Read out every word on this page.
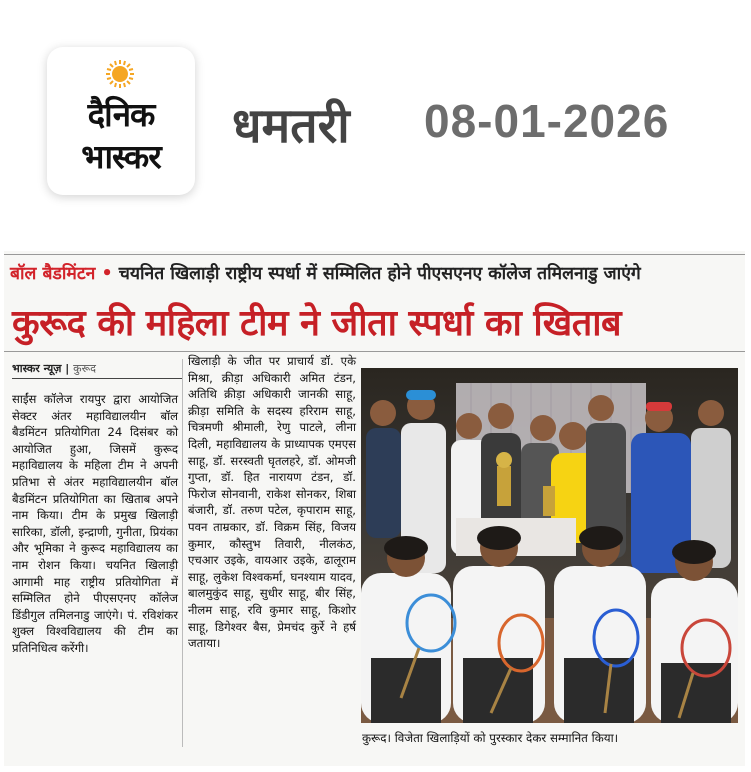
दैनिक
भास्कर
धमतरी 08-01-2026
बॉल बैडमिंटन • चयनित खिलाड़ी राष्ट्रीय स्पर्धा में सम्मिलित होने पीएसएनए कॉलेज तमिलनाडु जाएंगे
कुरूद की महिला टीम ने जीता स्पर्धा का खिताब
भास्कर न्यूज़ | कुरूद
साईंस कॉलेज रायपुर द्वारा आयोजित सेक्टर अंतर महाविद्यालयीन बॉल बैडमिंटन प्रतियोगिता 24 दिसंबर को आयोजित हुआ, जिसमें कुरूद महाविद्यालय के महिला टीम ने अपनी प्रतिभा से अंतर महाविद्यालयीन बॉल बैडमिंटन प्रतियोगिता का खिताब अपने नाम किया। टीम के प्रमुख खिलाड़ी सारिका, डॉली, इन्द्राणी, गुनीता, प्रियंका और भूमिका ने कुरूद महाविद्यालय का नाम रोशन किया। चयनित खिलाड़ी आगामी माह राष्ट्रीय प्रतियोगिता में सम्मिलित होने पीएसएनए कॉलेज डिंडीगुल तमिलनाडु जाएंगे। पं. रविशंकर शुक्ल विश्वविद्यालय की टीम का प्रतिनिधित्व करेंगी।
खिलाड़ी के जीत पर प्राचार्य डॉ. एके मिश्रा, क्रीड़ा अधिकारी अमित टंडन, अतिथि क्रीड़ा अधिकारी जानकी साहू, क्रीड़ा समिति के सदस्य हरिराम साहू, चित्रमणी श्रीमाली, रेणु पाटले, लीना दिली, महाविद्यालय के प्राध्यापक एमएस साहू, डॉ. सरस्वती घृतलहरे, डॉ. ओमजी गुप्ता, डॉ. हित नारायण टंडन, डॉ. फिरोज सोनवानी, राकेश सोनकर, शिबा बंजारी, डॉ. तरुण पटेल, कृपाराम साहू, पवन ताम्रकार, डॉ. विक्रम सिंह, विजय कुमार, कौस्तुभ तिवारी, नीलकंठ, एचआर उइके, वायआर उइके, ढालूराम साहू, लुकेश विश्वकर्मा, घनश्याम यादव, बालमुकुंद साहू, सुधीर साहू, बीर सिंह, नीलम साहू, रवि कुमार साहू, किशोर साहू, डिगेश्वर बैस, प्रेमचंद कुर्रे ने हर्ष जताया।
कुरूद। विजेता खिलाड़ियों को पुरस्कार देकर सम्मानित किया।
